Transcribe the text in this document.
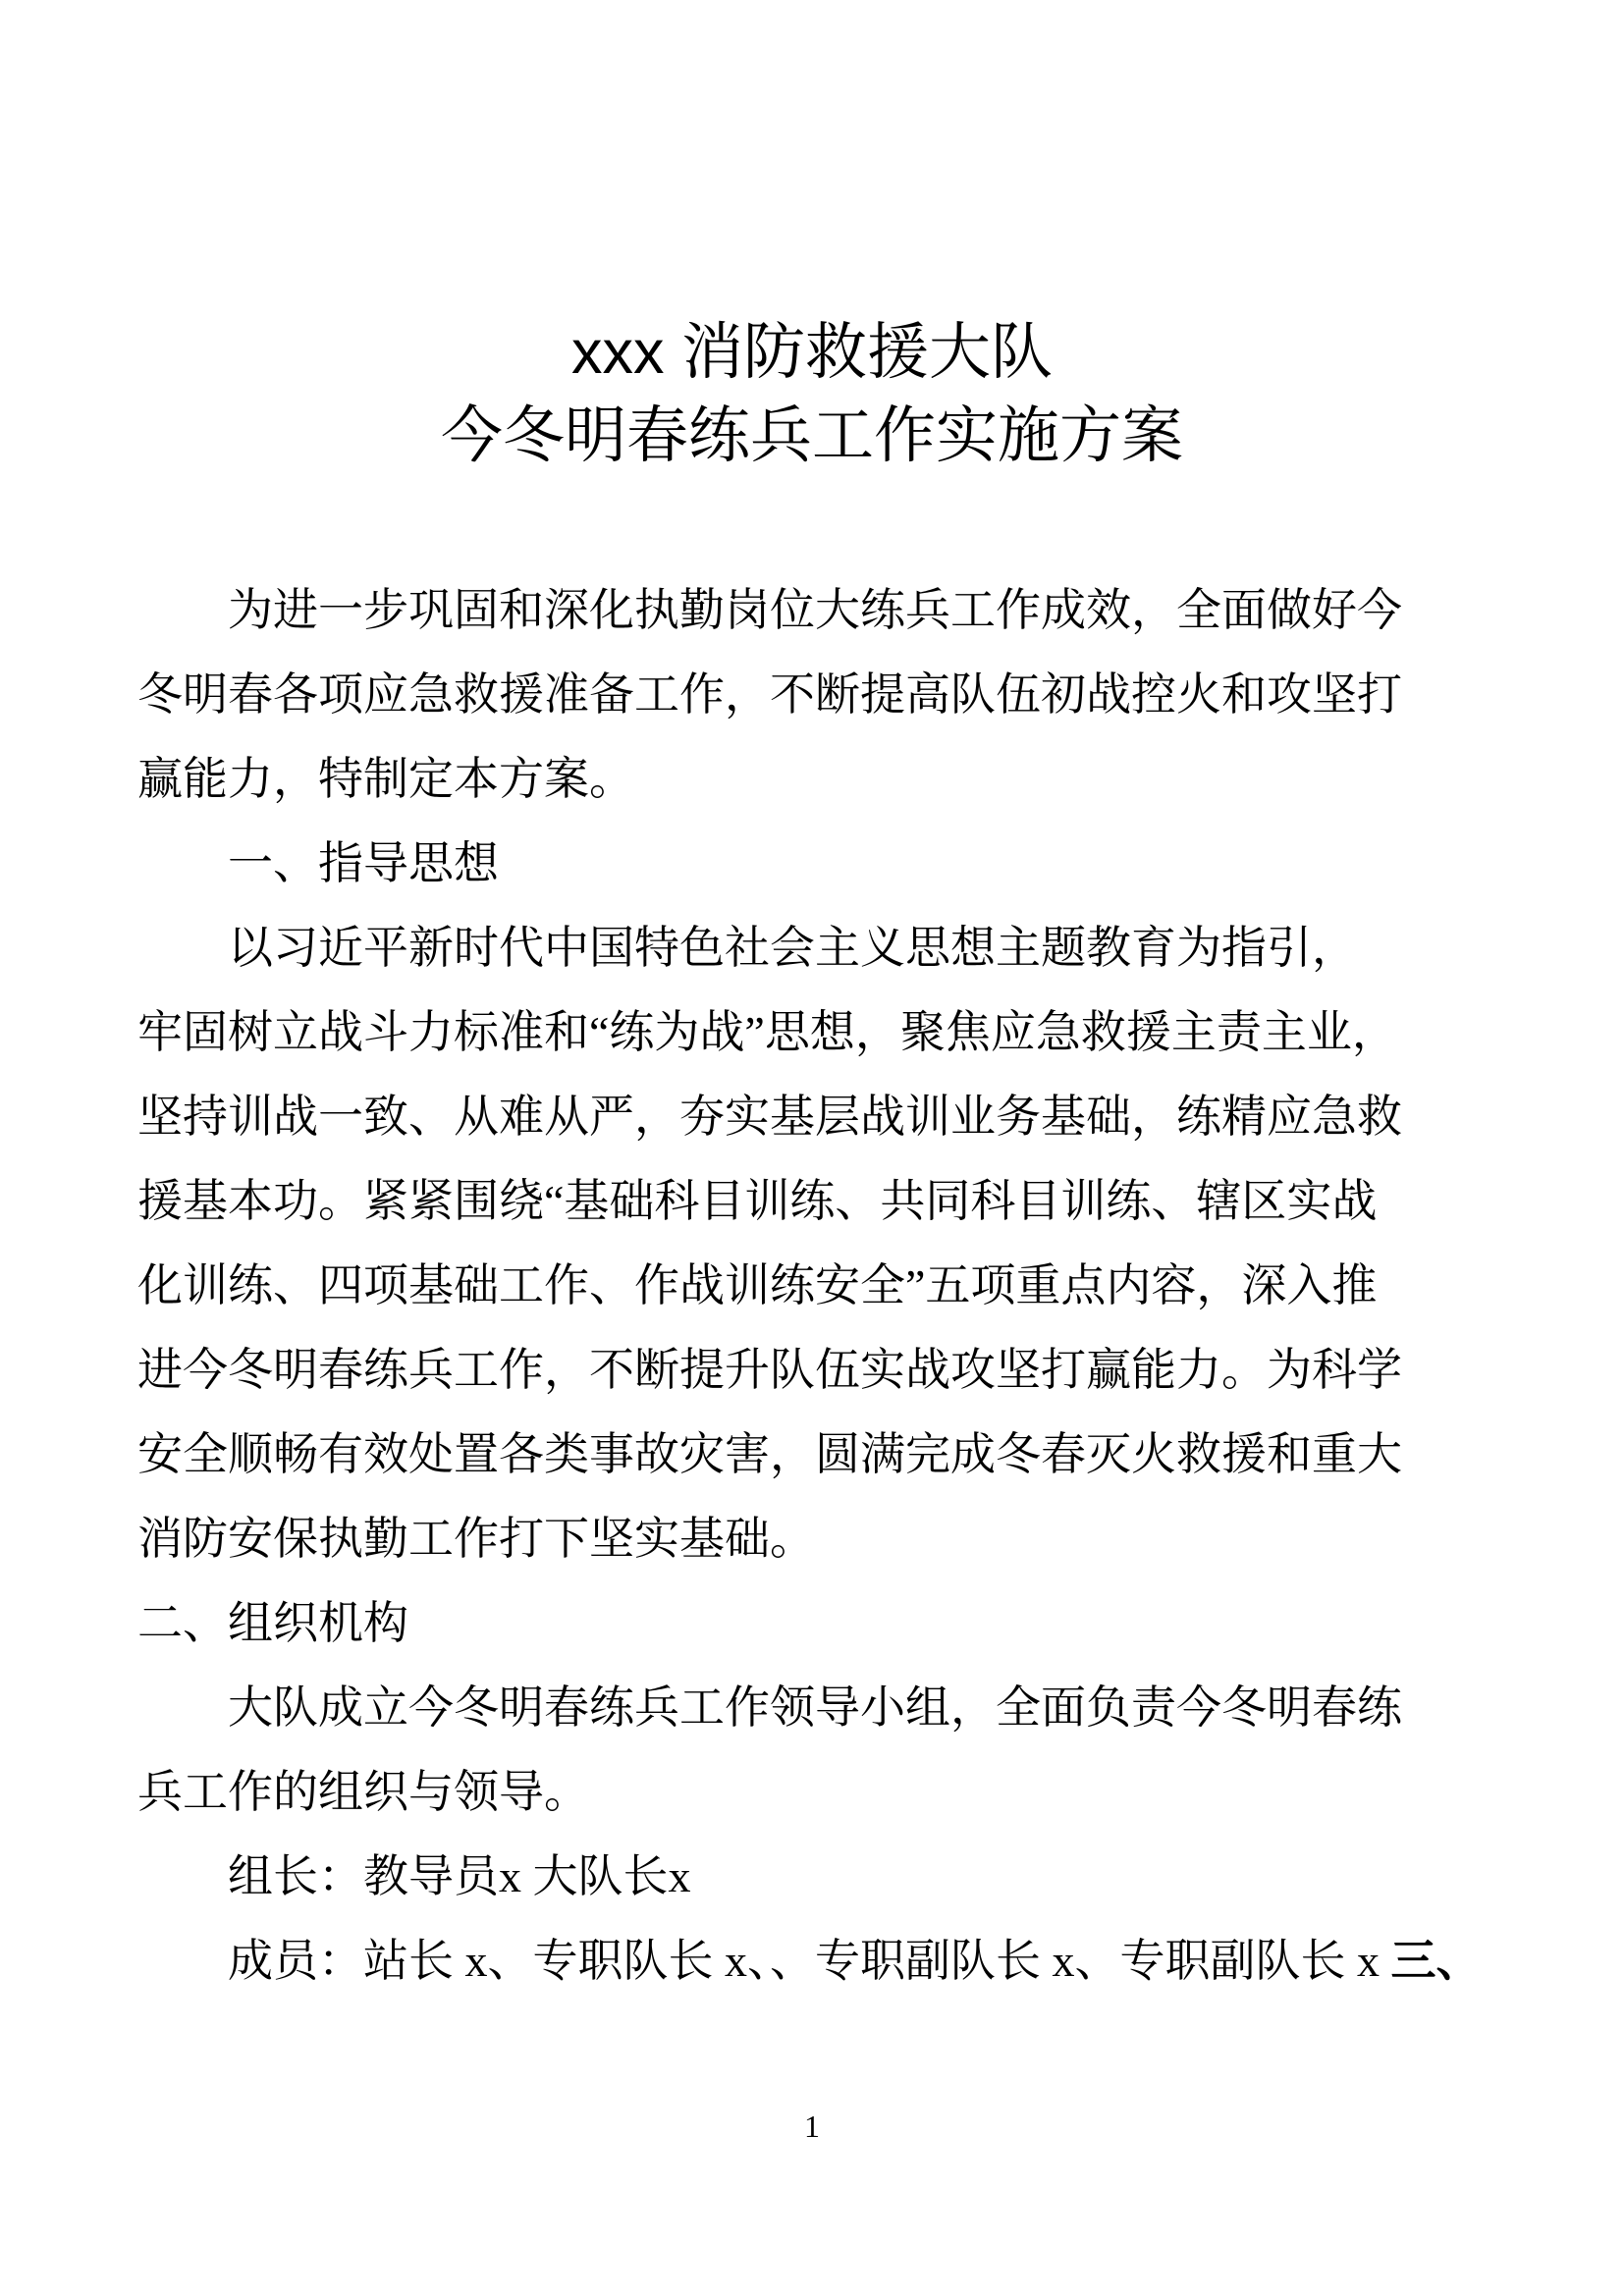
xxx 消防救援大队
今冬明春练兵工作实施方案
为进一步巩固和深化执勤岗位大练兵工作成效，全面做好今
冬明春各项应急救援准备工作，不断提高队伍初战控火和攻坚打
赢能力，特制定本方案。
一、指导思想
以习近平新时代中国特色社会主义思想主题教育为指引，
牢固树立战斗力标准和“练为战”思想，聚焦应急救援主责主业，
坚持训战一致、从难从严，夯实基层战训业务基础，练精应急救
援基本功。紧紧围绕“基础科目训练、共同科目训练、辖区实战
化训练、四项基础工作、作战训练安全”五项重点内容，深入推
进今冬明春练兵工作，不断提升队伍实战攻坚打赢能力。为科学
安全顺畅有效处置各类事故灾害，圆满完成冬春灭火救援和重大
消防安保执勤工作打下坚实基础。
二、组织机构
大队成立今冬明春练兵工作领导小组，全面负责今冬明春练
兵工作的组织与领导。
组长：教导员x 大队长x
成员：站长 x、专职队长 x、、专职副队长 x、专职副队长 x 三、
1
